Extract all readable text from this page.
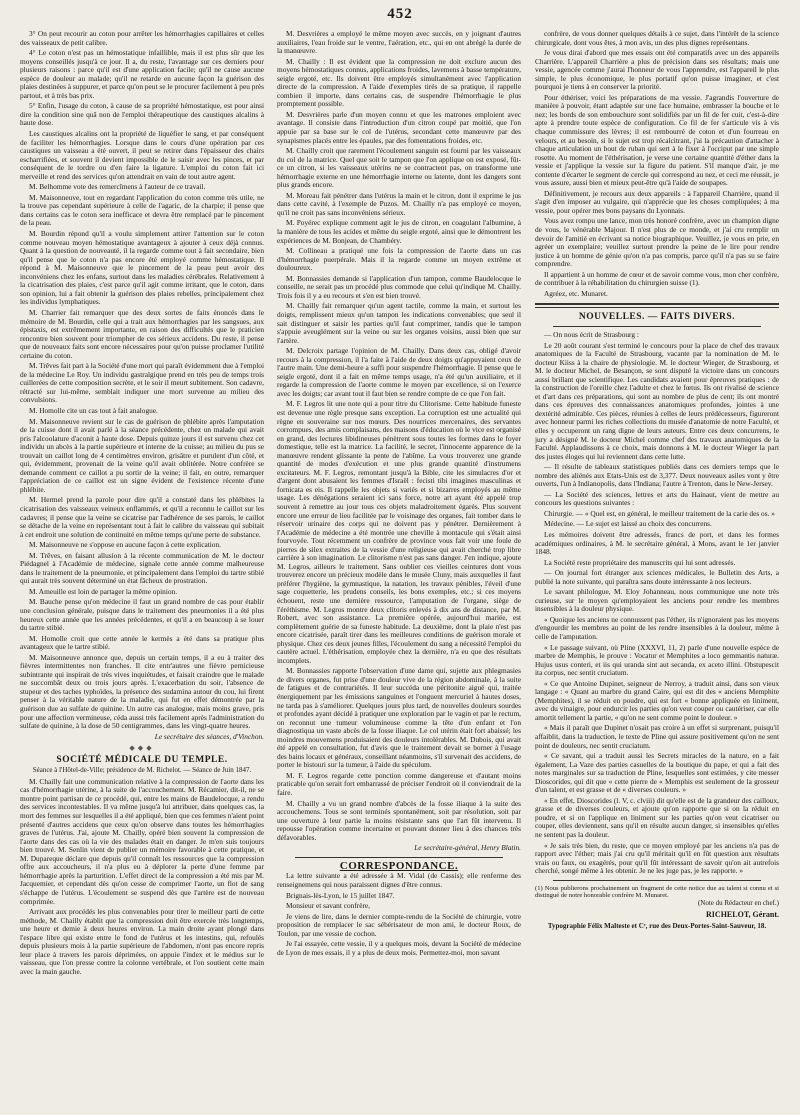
452

3° On peut recourir au coton pour arrêter les hémorrhagies capillaires et celles des vaisseaux de petit calibre.

4° Le coton n'est pas un hémostatique infaillible, mais il est plus sûr que les moyens conseillés jusqu'à ce jour. Il a, du reste, l'avantage sur ces derniers pour plusieurs raisons : parce qu'il est d'une application facile; qu'il ne cause aucune espèce de douleur au malade; qu'il ne retarde en aucune façon la guérison des plaies destinées à suppurer, et parce qu'on peut se le procurer facilement à peu près partout, et à très bas prix.

5° Enfin, l'usage du coton, à cause de sa propriété hémostatique, est pour ainsi dire la condition sine quâ non de l'emploi thérapeutique des caustiques alcalins à haute dose.

Les caustiques alcalins ont la propriété de liquéfier le sang, et par conséquent de faciliter les hémorrhagies. Lorsque dans le cours d'une opération par ces caustiques un vaisseau a été ouvert, il peut se retirer dans l'épaisseur des chairs escharrifiées, et souvent il devient impossible de le saisir avec les pinces, et par conséquent de le tordre ou d'en faire la ligature. L'emploi du coton fait ici merveille et rend des services qu'on attendrait en vain de tout autre agent.

M. Belhomme vote des remercîmens à l'auteur de ce travail.

M. Maisonneuve, tout en regardant l'application du coton comme très utile, ne la trouve pas cependant supérieure à celle de l'agaric, de la charpie; il pense que dans certains cas le coton sera inefficace et devra être remplacé par le pincement de la peau.

M. Bourdin répond qu'il a voulu simplement attirer l'attention sur le coton comme nouveau moyen hémostatique avantageux à ajouter à ceux déjà connus. Quant à la question de nouveauté, il la regarde comme tout à fait secondaire, bien qu'il pense que le coton n'a pas encore été employé comme hémostatique. Il répond à M. Maisonneuve que le pincement de la peau peut avoir des inconvéniens chez les enfans, surtout dans les maladies cérébrales. Relativement à la cicatrisation des plaies, c'est parce qu'il agit comme irritant, que le coton, dans son opinion, lui a fait obtenir la guérison des plaies rebelles, principalement chez les individus lymphatiques.

M. Charrier fait remarquer que des deux sortes de faits énoncés dans le mémoire de M. Bourdin, celle qui a trait aux hémorrhagies par les sangsues, aux épistaxis, est extrêmement importante, en raison des difficultés que le praticien rencontre bien souvent pour triompher de ces sérieux accidens. Du reste, il pense que de nouveaux faits sont encore nécessaires pour qu'on puisse proclamer l'utilité certaine du coton.

M. Trêves fait part à la Société d'une mort qui paraît évidemment due à l'emploi de la médecine Le Roy. Un individu gastralgique prend en très peu de temps trois cuillerées de cette composition secrète, et le soir il meurt subitement. Son cadavre, rétracté sur lui-même, semblait indiquer une mort survenue au milieu des convulsions.

M. Homolle cite un cas tout à fait analogue.

M. Maisonneuve revient sur le cas de guérison de phlébite après l'amputation de la cuisse dont il avait parlé à la séance précédente, chez un malade qui avait pris l'alcoolature d'aconit à haute dose. Depuis quinze jours il est survenu chez cet individu un abcès à la partie supérieure et interne de la cuisse; au milieu du pus se trouvait un caillot long de 4 centimètres environ, grisâtre et purulent d'un côté, et qui, évidemment, provenait de la veine qu'il avait oblitérée. Notre confrère se demande comment ce caillot a pu sortir de la veine; il fait, en outre, remarquer l'appréciation de ce caillot est un signe évident de l'existence récente d'une phlébite.

M. Hermel prend la parole pour dire qu'il a constaté dans les phlébites la cicatrisation des vaisseaux veineux enflammés, et qu'il a reconnu le caillot sur les cadavres; il pense que la veine se cicatrise par l'adhérence de ses parois, le caillot se détache de la veine en représentant tout à fait le calibre du vaisseau qui subitait à cet endroit une solution de continuité en même temps qu'une perte de substance.

M. Maisonneuve ne s'oppose en aucune façon à cette explication.

M. Trêves, en faisant allusion à la récente communication de M. le docteur Piédagnel à l'Académie de médecine, signale cette année comme malheureuse dans le traitement de la pneumonie, et principalement dans l'emploi du tartre stibié qui aurait très souvent déterminé un état fâcheux de prostration.

M. Ameuille est loin de partager la même opinion.

M. Bauche pense qu'on médecine il faut un grand nombre de cas pour établir une conclusion générale, puisque dans le traitement des pneumonies il a été plus heureux cette année que les années précédentes, et qu'il a en beaucoup à se louer du tartre stibié.

M. Homolle croit que cette année le kermès a été dans sa pratique plus avantageux que le tartre stibié.

M. Maisonneuve annonce que, depuis un certain temps, il a eu à traiter des fièvres intermittentes non franches. Il cite entr'autres une fièvre pernicieuse subintrante qui inspirait de très vives inquiétudes, et faisait craindre que le malade ne succombât deux ou trois jours après. L'exacerbation du soir, l'absence de stupeur et des taches typhoïdes, la présence des sudamina autour du cou, lui firent penser à la véritable nature de la maladie, qui fut en effet démontrée par la guérison due au sulfate de quinine. Un autre cas analogue, mais moins grave, pris pour une affection vermineuse, céda aussi très facilement après l'administration du sulfate de quinine, à la dose de 50 centigrammes, dans les vingt-quatre heures.

Le secrétaire des séances, d'Vinchon.
◆◆◆
SOCIÉTÉ MÉDICALE DU TEMPLE.
Séance à l'Hôtel-de-Ville; présidence de M. Richelot. — Séance de Juin 1847.

M. Chailly fait une communication relative à la compression de l'aorte dans les cas d'hémorrhagie utérine, à la suite de l'accouchement. M. Récamier, dit-il, ne se montre point partisan de ce procédé, qui, entre les mains de Baudelocque, a rendu des services incontestables. Il va même jusqu'à lui attribuer, dans quelques cas, la mort des femmes sur lesquelles il a été appliqué, bien que ces femmes n'aient point présenté d'autres accidens que ceux qu'on observe dans toutes les hémorrhagies graves de l'utérus. J'ai, ajoute M. Chailly, opéré bien souvent la compression de l'aorte dans des cas où la vie des malades était en danger. Je m'en suis toujours bien trouvé. M. Senlin vient de publier un mémoire favorable à cette pratique, et M. Dupareque déclare que depuis qu'il connaît les ressources que la compression offre aux accoucheurs, il n'a plus eu à déplorer la perte d'une femme par hémorrhagie après la parturition. L'effet direct de la compression a été mis par M. Jacquemier, et cependant dès qu'on cesse de comprimer l'aorte, un flot de sang s'échappe de l'utérus. L'écoulement se suspend dès que l'artère est de nouveau comprimée.

Arrivant aux procédés les plus convenables pour tirer le meilleur parti de cette méthode, M. Chailly établit que la compression doit être exercée très longtemps, une heure et demie à deux heures environ. La main droite ayant plongé dans l'espace libre qui existe entre le fond de l'utérus et les intestins, qui, refoulés depuis plusieurs mois à la partie supérieure de l'abdomen, n'ont pas encore repris leur place à travers les parois déprimées, on appuie l'index et le médius sur le vaisseau, que l'on presse contre la colonne vertébrale, et l'on soutient cette main avec la main gauche.

M. Desvrières a employé le même moyen avec succès, en y joignant d'autres auxiliaires, l'eau froide sur le ventre, l'aération, etc., qui en ont abrégé la durée de la manœuvre.

M. Chailly : Il est évident que la compression ne doit exclure aucun des moyens hémostatiques connus, applications froides, lavemens à basse température, seigle ergoté, etc. Ils doivent être employés simultanément avec l'application directe de la compression. A l'aide d'exemples tirés de sa pratique, il rappelle combien il importe, dans certains cas, de suspendre l'hémorrhagie le plus promptement possible.

M. Desvrières parle d'un moyen connu et que les matrones emploient avec avantage. Il consiste dans l'introduction d'un citron coupé par moitié, que l'on appuie par sa base sur le col de l'utérus, secondant cette manœuvre par des synapismes placés entre les épaules, par des fomentations froides, etc.

M. Chailly croit que rarement l'écoulement sanguin est fourni par les vaisseaux du col de la matrice. Quel que soit le tampon que l'on applique on est exposé, fût-ce un citron, si les vaisseaux utérins ne se contractent pas, on transforme une hémorrhagie externe en une hémorrhagie interne ou latente, dont les dangers sont plus grands encore.

M. Moreau fait pénétrer dans l'utérus la main et le citron, dont il exprime le jus dans cette cavité, à l'exemple de Puzos. M. Chailly n'a pas employé ce moyen, qu'il ne croit pas sans inconvéniens sérieux.

M. Poyérec explique comment agit le jus de citron, en coagulant l'albumine, à la manière de tous les acides et même du seigle ergoté, ainsi que le démontrent les expériences de M. Bonjean, de Chambéry.

M. Collineau a pratiqué une fois la compression de l'aorte dans un cas d'hémorrhagie puerpérale. Mais il la regarde comme un moyen extrême et douloureux.

M. Bonnassies demande si l'application d'un tampon, comme Baudelocque le conseille, ne serait pas un procédé plus commode que celui qu'indique M. Chailly. Trois fois il y a eu recours et s'en est bien trouvé.

M. Chailly fait remarquer qu'un agent tactile, comme la main, et surtout les doigts, remplissent mieux qu'un tampon les indications convenables; que seul il sait distinguer et saisir les parties qu'il faut comprimer, tandis que le tampon s'appuie aveuglément sur la veine ou sur les organes voisins, aussi bien que sur l'artère.

M. Delcroix partage l'opinion de M. Chailly. Dans deux cas, obligé d'avoir recours à la compression, il l'a faite à l'aide de deux doigts qu'appuyaient ceux de l'autre main. Une demi-heure a suffi pour suspendre l'hémorrhagie. Il pense que le seigle ergoté, dont il a fait en même temps usage, n'a été qu'un auxiliaire, et il regarde la compression de l'aorte comme le moyen par excellence, si on l'exerce avec les doigts; car avant tout il faut bien se rendre compte de ce que l'on fait.

M. F. Legros lit une note qui a pour titre du Clitorisme. Cette habitude funeste est devenue une règle presque sans exception. La corruption est une actualité qui règne en souveraine sur nos mœurs. Des nourrices mercenaires, des servantes corrompues, des amis complaisans, des maisons d'éducation où le vice est organisé en grand, des lectures libidineuses pénètrent sous toutes les formes dans le foyer domestique, telle est la matrice. La facilité, le secret, l'innocente apparence de la manœuvre rendent glissante la pente de l'abîme. La vous trouverez une grande quantité de modes d'exécution et une plus grande quantité d'instrumens excitateurs. M. F. Legros, remontant jusqu'à la Bible, cite les simulacres d'or et d'argent dont abusaient les femmes d'Israël : fecisti tibi imagines masculinas et fornicata es eis. Il rappelle les objets si variés et si bizarres employés au même usage. Les dénégations seraient ici sans force, notre art ayant été appelé trop souvent à remettre au jour tous ces objets maladroitement égarés. Plus souvent encore une erreur de lieu facilitée par le voisinage des organes, fait tomber dans le réservoir urinaire des corps qui ne doivent pas y pénétrer. Dernièrement à l'Académie de médecine a été montrée une cheville à montacule qui s'était ainsi fourvoyée. Tout récemment un confrère de province vous fait voir une foule de pierres de silex extraites de la vessie d'une religieuse qui avait cherché trop libre carrière à son imagination. Le clitorisme n'est pas sans danger. J'en indique, ajoute M. Legros, ailleurs le traitement. Sans oublier ces vieilles ceintures dont vous trouverez encore un précieux modèle dans le musée Cluny, mais auxquelles il faut préférer l'hygiène, la gymnastique, la natation, les travaux pénibles, l'éveil d'une sage coquetterie, les prudens conseils, les bons exemples, etc.; si ces moyens échouent, reste une dernière ressource, l'amputation de l'organe, siège de l'éréthisme. M. Legros montre deux clitoris enlevés à dix ans de distance, par M. Robert, avec son assistance. La première opérée, aujourd'hui mariée, est complètement guérie de sa funeste habitude. La deuxième, dont la plaie n'est pas encore cicatrisée, paraît tirer dans les meilleures conditions de guérison morale et physique. Chez ces deux jeunes filles, l'écoulement du sang a nécessité l'emploi du cautère actuel. L'éthérisation, employée chez la dernière, n'a eu que des résultats incomplets.

M. Bonnassies rapporte l'observation d'une dame qui, sujette aux phlegmasies de divers organes, fut prise d'une douleur vive de la région abdominale, à la suite de fatigues et de contrariétés. Il leur succéda une péritonite aiguë qui, traitée énergiquement par les émissions sanguines et l'onguent mercuriel à hautes doses, ne tarda pas à s'améliorer. Quelques jours plus tard, de nouvelles douleurs sourdes et profondes ayant décidé à pratiquer une exploration par le vagin et par le rectum, on reconnut une tumeur volumineuse comme la tête d'un enfant et l'on diagnostiqua un vaste abcès de la fosse iliaque. Le col utérin était fort abaissé; les moindres mouvemens produisaient des douleurs intolérables. M. Dubois, qui avait été appelé en consultation, fut d'avis que le traitement devait se borner à l'usage des bains locaux et généraux, conseillant néanmoins, s'il survenait des accidens, de porter le bistouri sur la tumeur, à l'aide du spéculum.

M. F. Legros regarde cette ponction comme dangereuse et d'autant moins praticable qu'on serait fort embarrassé de préciser l'endroit où il conviendrait de la faire.

M. Chailly a vu un grand nombre d'abcès de la fosse iliaque à la suite des accouchemens. Tous se sont terminés spontanément, soit par résolution, soit par une ouverture à leur partie la moins résistante sans que l'art fût intervenu. Il repousse l'opération comme incertaine et pouvant donner lieu à des chances très défavorables.

Le secrétaire-général, Henry Blatin.
CORRESPONDANCE.

La lettre suivante a été adressée à M. Vidal (de Cassis); elle renferme des renseignemens qui nous paraissent dignes d'être connus.

Brignais-lès-Lyon, le 15 juillet 1847.

Monsieur et savant confrère,

Je viens de lire, dans le dernier compte-rendu de la Société de chirurgie, votre proposition de remplacer le sac sébérisateur de mon ami, le docteur Roux, de Toulon, par une vessie de cochon.

Je l'ai essayée, cette vessie, il y a quelques mois, devant la Société de médecine de Lyon de mes essais, il y a plus de deux mois. Permettez-moi, mon savant

confrère, de vous donner quelques détails à ce sujet, dans l'intérêt de la science chirurgicale, dont vous êtes, à mon avis, un des plus dignes représentans.

Je vous dirai d'abord que mes essais ont été comparatifs avec un des appareils Charrière. L'appareil Charrière a plus de précision dans ses résultats; mais une vessie, agencée comme j'aurai l'honneur de vous l'apprendre, est l'appareil le plus simple, le plus économique, le plus portatif qu'on puisse imaginer, et c'est pourquoi je tiens à en conserver la priorité.

Pour éthériser, voici les préparations de ma vessie. J'agrandis l'ouverture de manière à pouvoir, étant adaptée sur une face humaine, embrasser la bouche et le nez; les bords de son embouchure sont solidifiés par un fil de fer cuit, c'est-à-dire apte à prendre toute espèce de configuration. Ce fil de fer s'articule vis à vis chaque commissure des lèvres; il est rembourré de coton et d'un fourreau en velours, et au besoin, si le sujet est trop récalcitrant, j'ai la précaution d'attacher à chaque articulation un bout de ruban qui sert à le fixer à l'occiput par une simple rosette. Au moment de l'éthérisation, je verse une certaine quantité d'éther dans la vessie et j'applique la vessie sur la figure du patient. S'il manque d'air, je me contente d'écarter le segment de cercle qui correspond au nez, et ceci me réussit, je vous assure, aussi bien et mieux peut-être qu'à l'aide de soupapes.

Définitivement, je recours aux deux appareils : à l'appareil Charrière, quand il s'agit d'en imposer au vulgaire, qui n'apprécie que les choses compliquées; à ma vessie, pour opérer mes bons paysans du Lyonnais.

Vous avez rompu une lance, mon très honoré confrère, avec un champion digne de vous, le vénérable Majour. Il n'est plus de ce monde, et j'ai cru remplir un devoir de l'amitié en écrivant sa notice biographique. Veuillez, je vous en prie, en agréer un exemplaire; veuillez surtout prendre la peine de le lire pour rendre justice à un homme de génie qu'on n'a pas compris, parce qu'il n'a pas su se faire comprendre.

Il appartient à un homme de cœur et de savoir comme vous, mon cher confrère, de contribuer à la réhabilitation du chirurgien suisse (1).

Agréez, etc. Munaret.

NOUVELLES. — FAITS DIVERS.

— On nous écrit de Strasbourg :

Le 20 août courant s'est terminé le concours pour la place de chef des travaux anatomiques de la Faculté de Strasbourg, vacante par la nomination de M. le docteur Kiiss à la chaire de physiologie. M. le docteur Wieger, de Strasbourg, et M. le docteur Michel, de Besançon, se sont disputé la victoire dans un concours aussi brillant que scientifique. Les candidats avaient pour épreuves pratiques : de la construction de l'oreille chez l'adulte et chez le fœtus. Ils ont rivalisé de science et d'art dans ces préparations, qui sont au nombre de plus de cent; ils ont montré dans ces épreuves des connaissances anatomiques profondes, jointes à une dextérité admirable. Ces pièces, réunies à celles de leurs prédécesseurs, figureront avec honneur parmi les riches collections du musée d'anatomie de notre Faculté, et elles y occuperont un rang digne de leurs auteurs. Entre ces deux concurrens, le jury a désigné M. le docteur Michel comme chef des travaux anatomiques de la Faculté. Applaudissons à ce choix, mais donnons à M. le docteur Wieger la part des justes éloges qui lui reviennent dans cette lutte.

— Il résulte de tableaux statistiques publiés dans ces derniers temps que le nombre des aliénés aux Etats-Unis est de 3,377. Deux nouveaux asiles vont y être ouverts, l'un à Indianopolis, dans l'Indiana; l'autre à Trenton, dans le New-Jersey.

— La Société des sciences, lettres et arts du Hainaut, vient de mettre au concours les questions suivantes :

Chirurgie. — « Quel est, en général, le meilleur traitement de la carie des os. »

Médecine. — Le sujet est laissé au choix des concurrens.

Les mémoires doivent être adressés, francs de port, et dans les formes académiques ordinaires, à M. le secrétaire général, à Mons, avant le 1er janvier 1848.

La Société reste propriétaire des manuscrits qui lui sont adressés.

— On journal fort étranger aux sciences médicales, le Bulletin des Arts, a publié la note suivante, qui paraîtra sans doute intéressante à nos lecteurs.

Le savant philologue, M. Eloy Johanneau, nous communique une note très curieuse, sur le moyen qu'employaient les anciens pour rendre les membres insensibles à la douleur physique.

« Quoique les anciens ne connussent pas l'éther, ils n'ignoraient pas les moyens d'engourdir les membres au point de les rendre insensibles à la douleur, même à celle de l'amputation.

« Le passage suivant, où Pline (XXXVI, 11, 2) parle d'une nouvelle espèce de marbre de Memphis, le prouve : Vocatur et Memphites a loco gemmantis naturæ. Hujus usus conteri, et iis qui uranda sint aut secanda, ex aceto illini. Obstupescit ita corpus, nec sentit cruciatum.

« Ce que Antoine Dupinet, seigneur de Nerroy, a traduit ainsi, dans son vieux langage : « Quant au marbre du grand Caire, qui est dit des « anciens Memphite (Memphites), il se réduit en poudre, qui est fort « bonne appliquée en liniment, avec du vinaigre, pour endurcir les parties qu'on veut couper ou cautériser, car elle amortit tellement la partie, « qu'on ne sent comme point le douleur. »

« Mais il paraît que Dupinet n'osait pas croire à un effet si surprenant, puisqu'il affaiblit, dans la traduction, le texte de Pline qui assure positivement qu'on ne sent point de douleurs, nec sentit cruciatum.

« Ce savant, qui a traduit aussi les Secrets miracles de la nature, en a fait également, La Vaze des parties casuelles de la boutique du pape, et qui a fait des notes marginales sur sa traduction de Pline, lesquelles sont estimées, y cite messer Dioscorides, qui dit que « cette pierre de « Memphis est seulement de la grosseur d'un talent, et est grasse et de « diverses couleurs. »

« En effet, Dioscorides (l. V, c. clviii) dit qu'elle est de la grandeur des cailloux, grasse et de diverses couleurs, et ajoute qu'on rapporte que si on la réduit en poudre, et si on l'applique en liniment sur les parties qu'on veut cicatriser ou couper, elles deviennent, sans qu'il en résulte aucun danger, si insensibles qu'elles ne sentent pas la douleur.

« Je sais très bien, du reste, que ce moyen employé par les anciens n'a pas de rapport avec l'éther; mais j'ai cru qu'il méritait qu'il en fût question aux résultats vrais ou faux, ou exagérés, pour qu'il fût intéressant de savoir qu'on ait autrefois cherché, songé même à les obtenir. Je ne les juge pas, je les rapporte. »

(1) Nous publierons prochainement un fragment de cette notice due au talent si connu et si distingué de notre honorable confrère M. Munaret.
(Note du Rédacteur en chef.)
RICHELOT, Gérant.
Typographie Félix Malteste et Cᵉ, rue des Deux-Portes-Saint-Sauveur, 18.
